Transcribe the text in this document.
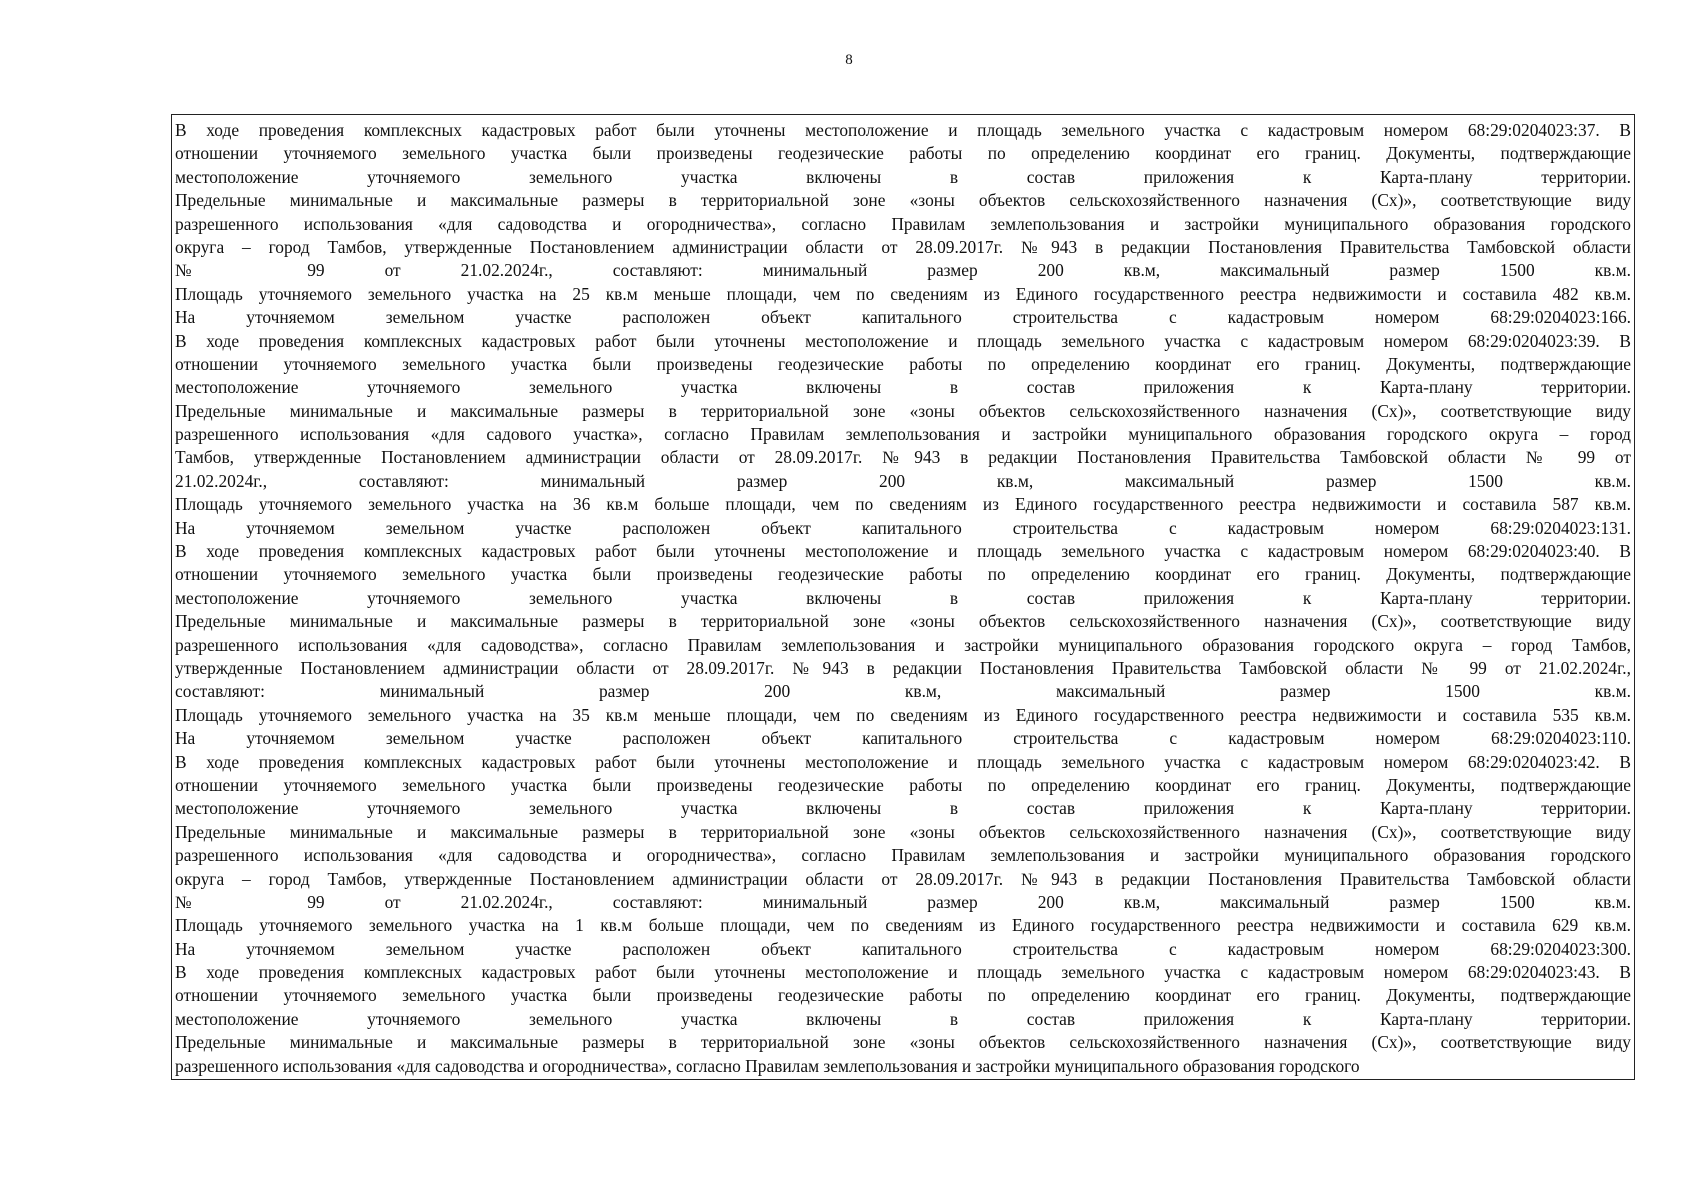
8
В ходе проведения комплексных кадастровых работ были уточнены местоположение и площадь земельного участка с кадастровым номером 68:29:0204023:37. В
отношении уточняемого земельного участка были произведены геодезические работы по определению координат его границ. Документы, подтверждающие
местоположение уточняемого земельного участка включены в состав приложения к Карта-плану территории.
Предельные минимальные и максимальные размеры в территориальной зоне «зоны объектов сельскохозяйственного назначения (Сх)», соответствующие виду
разрешенного использования «для садоводства и огородничества», согласно Правилам землепользования и застройки муниципального образования городского
округа – город Тамбов, утвержденные Постановлением администрации области от 28.09.2017г. №943 в редакции Постановления Правительства Тамбовской области
№ 99 от 21.02.2024г., составляют: минимальный размер 200 кв.м, максимальный размер 1500 кв.м.
Площадь уточняемого земельного участка на 25 кв.м меньше площади, чем по сведениям из Единого государственного реестра недвижимости и составила 482 кв.м.
На уточняемом земельном участке расположен объект капитального строительства с кадастровым номером 68:29:0204023:166.
В ходе проведения комплексных кадастровых работ были уточнены местоположение и площадь земельного участка с кадастровым номером 68:29:0204023:39. В
отношении уточняемого земельного участка были произведены геодезические работы по определению координат его границ. Документы, подтверждающие
местоположение уточняемого земельного участка включены в состав приложения к Карта-плану территории.
Предельные минимальные и максимальные размеры в территориальной зоне «зоны объектов сельскохозяйственного назначения (Сх)», соответствующие виду
разрешенного использования «для садового участка», согласно Правилам землепользования и застройки муниципального образования городского округа – город
Тамбов, утвержденные Постановлением администрации области от 28.09.2017г. №943 в редакции Постановления Правительства Тамбовской области № 99 от
21.02.2024г., составляют: минимальный размер 200 кв.м, максимальный размер 1500 кв.м.
Площадь уточняемого земельного участка на 36 кв.м больше площади, чем по сведениям из Единого государственного реестра недвижимости и составила 587 кв.м.
На уточняемом земельном участке расположен объект капитального строительства с кадастровым номером 68:29:0204023:131.
В ходе проведения комплексных кадастровых работ были уточнены местоположение и площадь земельного участка с кадастровым номером 68:29:0204023:40. В
отношении уточняемого земельного участка были произведены геодезические работы по определению координат его границ. Документы, подтверждающие
местоположение уточняемого земельного участка включены в состав приложения к Карта-плану территории.
Предельные минимальные и максимальные размеры в территориальной зоне «зоны объектов сельскохозяйственного назначения (Сх)», соответствующие виду
разрешенного использования «для садоводства», согласно Правилам землепользования и застройки муниципального образования городского округа – город Тамбов,
утвержденные Постановлением администрации области от 28.09.2017г. №943 в редакции Постановления Правительства Тамбовской области № 99 от 21.02.2024г.,
составляют: минимальный размер 200 кв.м, максимальный размер 1500 кв.м.
Площадь уточняемого земельного участка на 35 кв.м меньше площади, чем по сведениям из Единого государственного реестра недвижимости и составила 535 кв.м.
На уточняемом земельном участке расположен объект капитального строительства с кадастровым номером 68:29:0204023:110.
В ходе проведения комплексных кадастровых работ были уточнены местоположение и площадь земельного участка с кадастровым номером 68:29:0204023:42. В
отношении уточняемого земельного участка были произведены геодезические работы по определению координат его границ. Документы, подтверждающие
местоположение уточняемого земельного участка включены в состав приложения к Карта-плану территории.
Предельные минимальные и максимальные размеры в территориальной зоне «зоны объектов сельскохозяйственного назначения (Сх)», соответствующие виду
разрешенного использования «для садоводства и огородничества», согласно Правилам землепользования и застройки муниципального образования городского
округа – город Тамбов, утвержденные Постановлением администрации области от 28.09.2017г. №943 в редакции Постановления Правительства Тамбовской области
№ 99 от 21.02.2024г., составляют: минимальный размер 200 кв.м, максимальный размер 1500 кв.м.
Площадь уточняемого земельного участка на 1 кв.м больше площади, чем по сведениям из Единого государственного реестра недвижимости и составила 629 кв.м.
На уточняемом земельном участке расположен объект капитального строительства с кадастровым номером 68:29:0204023:300.
В ходе проведения комплексных кадастровых работ были уточнены местоположение и площадь земельного участка с кадастровым номером 68:29:0204023:43. В
отношении уточняемого земельного участка были произведены геодезические работы по определению координат его границ. Документы, подтверждающие
местоположение уточняемого земельного участка включены в состав приложения к Карта-плану территории.
Предельные минимальные и максимальные размеры в территориальной зоне «зоны объектов сельскохозяйственного назначения (Сх)», соответствующие виду
разрешенного использования «для садоводства и огородничества», согласно Правилам землепользования и застройки муниципального образования городского
